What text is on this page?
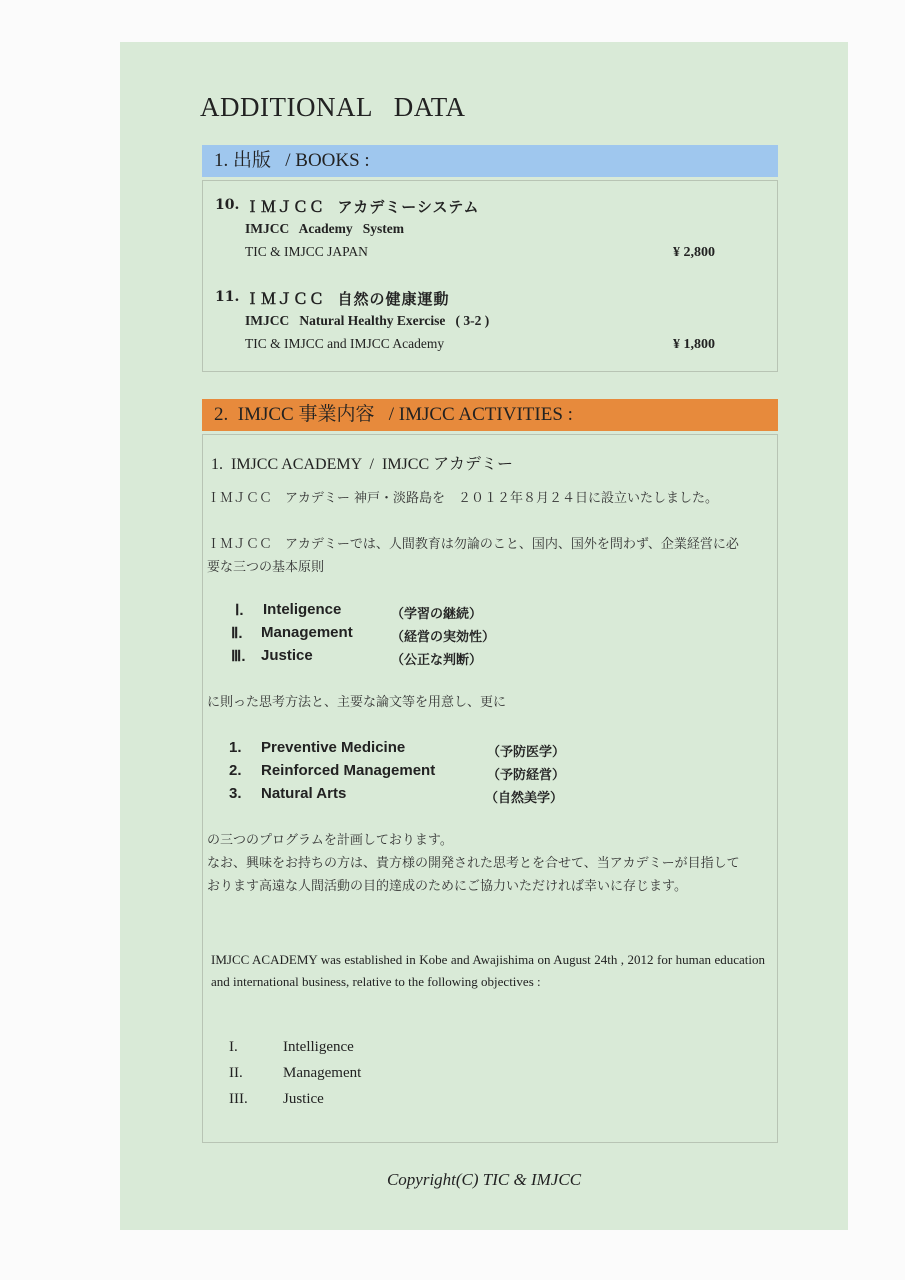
ADDITIONAL   DATA
1. 出版   / BOOKS :
10. ＩＭＪＣＣ  アカデミーシステム
IMJCC   Academy   System
TIC & IMJCC JAPAN	¥ 2,800
11. ＩＭＪＣＣ  自然の健康運動
IMJCC   Natural Healthy Exercise   ( 3-2 )
TIC & IMJCC and IMJCC Academy	¥ 1,800
2.  IMJCC 事業内容   / IMJCC ACTIVITIES :
1.  IMJCC ACADEMY  /  IMJCC アカデミー
ＩＭＪＣＣ　アカデミー 神戸・淡路島を　２０１２年８月２４日に設立いたしました。
ＩＭＪＣＣ　アカデミーでは、人間教育は勿論のこと、国内、国外を問わず、企業経営に必要な三つの基本原則
Ⅰ. Inteligence	（学習の継続）
Ⅱ. Management	（経営の実効性）
Ⅲ. Justice	（公正な判断）
に則った思考方法と、主要な論文等を用意し、更に
1. Preventive Medicine	（予防医学）
2. Reinforced Management	（予防経営）
3. Natural Arts	（自然美学）
の三つのプログラムを計画しております。
なお、興味をお持ちの方は、貴方様の開発された思考とを合せて、当アカデミーが目指しております高遠な人間活動の目的達成のためにご協力いただければ幸いに存じます。
IMJCC ACADEMY was established in Kobe and Awajishima on August 24th , 2012 for human education and international business, relative to the following objectives :
I.	Intelligence
II.	Management
III. Justice
Copyright(C) TIC & IMJCC
